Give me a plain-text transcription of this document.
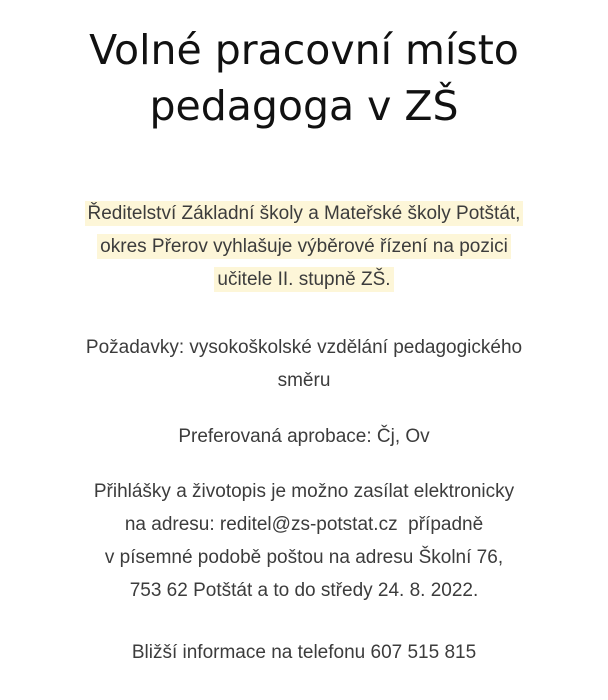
Volné pracovní místo
pedagoga v ZŠ
Ředitelství Základní školy a Mateřské školy Potštát,
okres Přerov vyhlašuje výběrové řízení na pozici
učitele II. stupně ZŠ.
Požadavky: vysokoškolské vzdělání pedagogického
směru
Preferovaná aprobace: Čj, Ov
Přihlášky a životopis je možno zasílat elektronicky
na adresu: reditel@zs-potstat.cz  případně
v písemné podobě poštou na adresu Školní 76,
753 62 Potštát a to do středy 24. 8. 2022.
Bližší informace na telefonu 607 515 815
